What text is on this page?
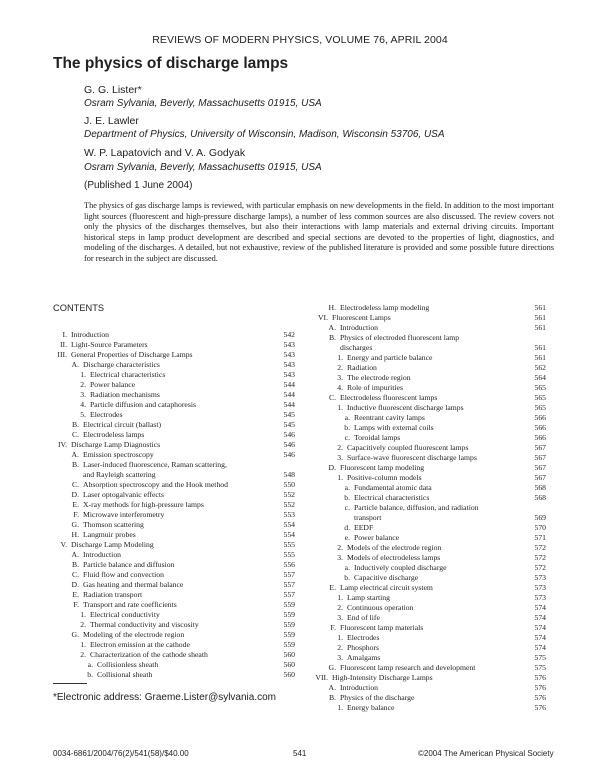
REVIEWS OF MODERN PHYSICS, VOLUME 76, APRIL 2004
The physics of discharge lamps
G. G. Lister*
Osram Sylvania, Beverly, Massachusetts 01915, USA
J. E. Lawler
Department of Physics, University of Wisconsin, Madison, Wisconsin 53706, USA
W. P. Lapatovich and V. A. Godyak
Osram Sylvania, Beverly, Massachusetts 01915, USA
(Published 1 June 2004)
The physics of gas discharge lamps is reviewed, with particular emphasis on new developments in the field. In addition to the most important light sources (fluorescent and high-pressure discharge lamps), a number of less common sources are also discussed. The review covers not only the physics of the discharges themselves, but also their interactions with lamp materials and external driving circuits. Important historical steps in lamp product development are described and special sections are devoted to the properties of light, diagnostics, and modeling of the discharges. A detailed, but not exhaustive, review of the published literature is provided and some possible future directions for research in the subject are discussed.
CONTENTS
I. Introduction	542
II. Light-Source Parameters	543
III. General Properties of Discharge Lamps	543
A. Discharge characteristics	543
1. Electrical characteristics	543
2. Power balance	544
3. Radiation mechanisms	544
4. Particle diffusion and cataphoresis	544
5. Electrodes	545
B. Electrical circuit (ballast)	545
C. Electrodeless lamps	546
IV. Discharge Lamp Diagnostics	546
A. Emission spectroscopy	546
B. Laser-induced fluorescence, Raman scattering,
and Rayleigh scattering	548
C. Absorption spectroscopy and the Hook method	550
D. Laser optogalvanic effects	552
E. X-ray methods for high-pressure lamps	552
F. Microwave interferometry	553
G. Thomson scattering	554
H. Langmuir probes	554
V. Discharge Lamp Modeling	555
A. Introduction	555
B. Particle balance and diffusion	556
C. Fluid flow and convection	557
D. Gas heating and thermal balance	557
E. Radiation transport	557
F. Transport and rate coefficients	559
1. Electrical conductivity	559
2. Thermal conductivity and viscosity	559
G. Modeling of the electrode region	559
1. Electron emission at the cathode	559
2. Characterization of the cathode sheath	560
a. Collisionless sheath	560
b. Collisional sheath	560
H. Electrodeless lamp modeling	561
VI. Fluorescent Lamps	561
A. Introduction	561
B. Physics of electroded fluorescent lamp
discharges	561
1. Energy and particle balance	561
2. Radiation	562
3. The electrode region	564
4. Role of impurities	565
C. Electrodeless fluorescent lamps	565
1. Inductive fluorescent discharge lamps	565
a. Reentrant cavity lamps	566
b. Lamps with external coils	566
c. Toroidal lamps	566
2. Capacitively coupled fluorescent lamps	567
3. Surface-wave fluorescent discharge lamps	567
D. Fluorescent lamp modeling	567
1. Positive-column models	567
a. Fundamental atomic data	568
b. Electrical characteristics	568
c. Particle balance, diffusion, and radiation
transport	569
d. EEDF	570
e. Power balance	571
2. Models of the electrode region	572
3. Models of electrodeless lamps	572
a. Inductively coupled discharge	572
b. Capacitive discharge	573
E. Lamp electrical circuit system	573
1. Lamp starting	573
2. Continuous operation	574
3. End of life	574
F. Fluorescent lamp materials	574
1. Electrodes	574
2. Phosphors	574
3. Amalgams	575
G. Fluorescent lamp research and development	575
VII. High-Intensity Discharge Lamps	576
A. Introduction	576
B. Physics of the discharge	576
1. Energy balance	576
*Electronic address: Graeme.Lister@sylvania.com
0034-6861/2004/76(2)/541(58)/$40.00	541	©2004 The American Physical Society
